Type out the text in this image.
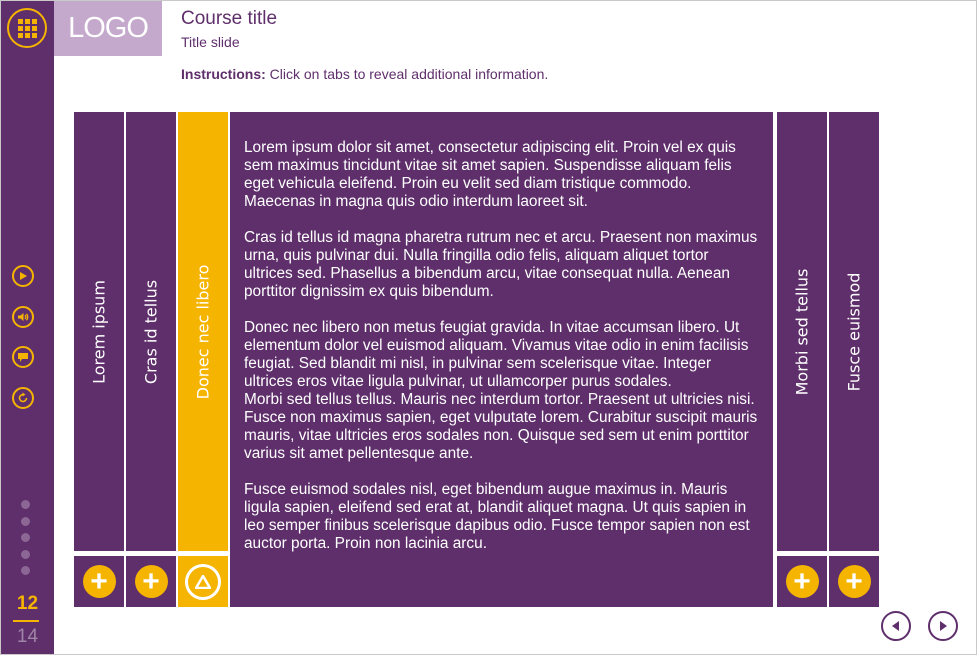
12
14
LOGO	Course title
Title slide
Instructions: Click on tabs to reveal additional information.
Lorem ipsum Cras id tellus Donec nec libero

Lorem ipsum dolor sit amet, consectetur adipiscing elit. Proin vel ex quis sem maximus tincidunt vitae sit amet sapien. Suspendisse aliquam felis eget vehicula eleifend. Proin eu velit sed diam tristique commodo. Maecenas in magna quis odio interdum laoreet sit.

Cras id tellus id magna pharetra rutrum nec et arcu. Praesent non maximus urna, quis pulvinar dui. Nulla fringilla odio felis, aliquam aliquet tortor ultrices sed. Phasellus a bibendum arcu, vitae consequat nulla. Aenean porttitor dignissim ex quis bibendum.

Donec nec libero non metus feugiat gravida. In vitae accumsan libero. Ut elementum dolor vel euismod aliquam. Vivamus vitae odio in enim facilisis feugiat. Sed blandit mi nisl, in pulvinar sem scelerisque vitae. Integer ultrices eros vitae ligula pulvinar, ut ullamcorper purus sodales.

Morbi sed tellus tellus. Mauris nec interdum tortor. Praesent ut ultricies nisi. Fusce non maximus sapien, eget vulputate lorem. Curabitur suscipit mauris mauris, vitae ultricies eros sodales non. Quisque sed sem ut enim porttitor varius sit amet pellentesque ante.

Fusce euismod sodales nisl, eget bibendum augue maximus in. Mauris ligula sapien, eleifend sed erat at, blandit aliquet magna. Ut quis sapien in leo semper finibus scelerisque dapibus odio. Fusce tempor sapien non est auctor porta. Proin non lacinia arcu.

Morbi sed tellus Fusce euismod
+ +	+ +
